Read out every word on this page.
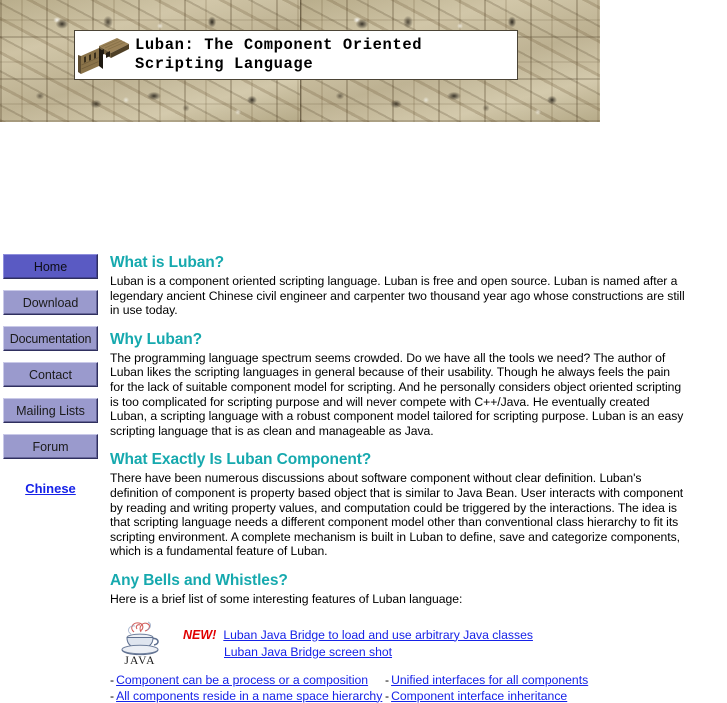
Luban: The Component Oriented
Scripting Language
Home
Download
Documentation
Contact
Mailing Lists
Forum
Chinese
What is Luban?

Luban is a component oriented scripting language. Luban is free and open source. Luban is named after a legendary ancient Chinese civil engineer and carpenter two thousand year ago whose constructions are still in use today.

Why Luban?

The programming language spectrum seems crowded. Do we have all the tools we need? The author of Luban likes the scripting languages in general because of their usability. Though he always feels the pain for the lack of suitable component model for scripting. And he personally considers object oriented scripting is too complicated for scripting purpose and will never compete with C++/Java. He eventually created Luban, a scripting language with a robust component model tailored for scripting purpose. Luban is an easy scripting language that is as clean and manageable as Java.

What Exactly Is Luban Component?

There have been numerous discussions about software component without clear definition. Luban's definition of component is property based object that is similar to Java Bean. User interacts with component by reading and writing property values, and computation could be triggered by the interactions. The idea is that scripting language needs a different component model other than conventional class hierarchy to fit its scripting environment. A complete mechanism is built in Luban to define, save and categorize components, which is a fundamental feature of Luban.

Any Bells and Whistles?

Here is a brief list of some interesting features of Luban language:

JAVA
NEW! Luban Java Bridge to load and use arbitrary Java classes
Luban Java Bridge screen shot
- Component can be a process or a composition	- Unified interfaces for all components
- All components reside in a name space hierarchy - Component interface inheritance
